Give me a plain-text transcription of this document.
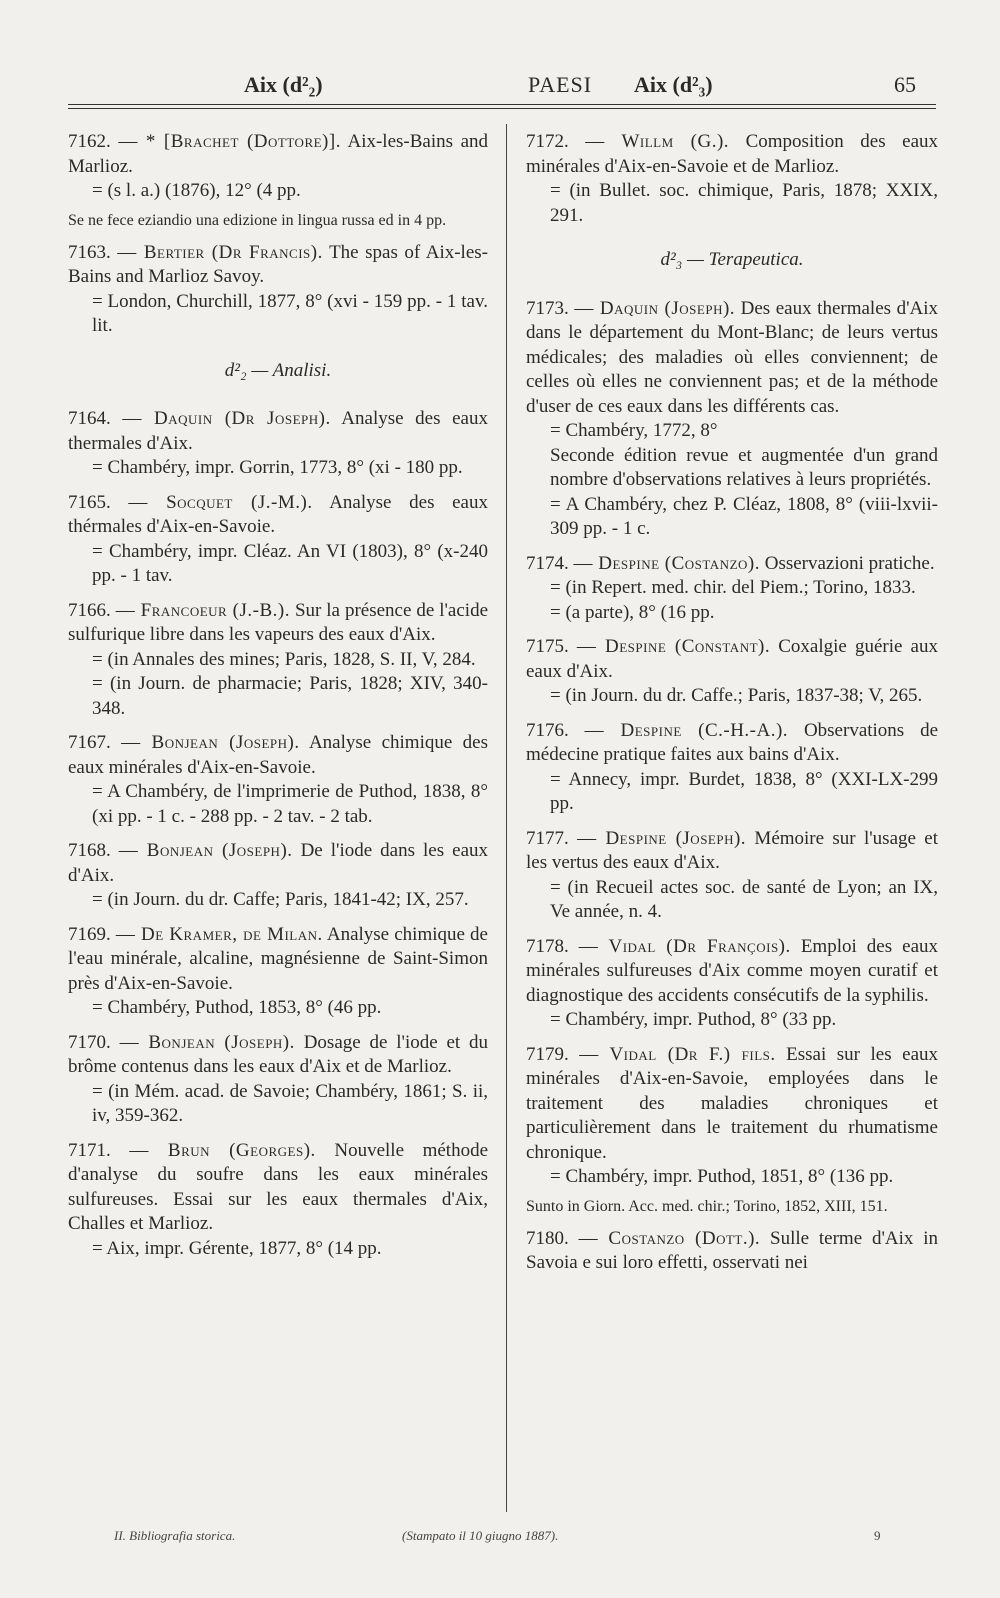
Aix (d²₂)	PAESI Aix (d²₃)	65

7162. — * [Brachet (Dottore)]. Aix-les-Bains and Marlioz.

= (s l. a.) (1876), 12° (4 pp.

Se ne fece eziandio una edizione in lingua russa ed in 4 pp.

7163. — Bertier (Dr Francis). The spas of Aix-les-Bains and Marlioz Savoy.

= London, Churchill, 1877, 8° (xvi - 159 pp. - 1 tav. lit.

d²₂ — Analisi.

7164. — Daquin (Dr Joseph). Analyse des eaux thermales d'Aix.

= Chambéry, impr. Gorrin, 1773, 8° (xi - 180 pp.

7165. — Socquet (J.-M.). Analyse des eaux thérmales d'Aix-en-Savoie.

= Chambéry, impr. Cléaz. An VI (1803), 8° (x-240 pp. - 1 tav.

7166. — Francoeur (J.-B.). Sur la présence de l'acide sulfurique libre dans les vapeurs des eaux d'Aix.

= (in Annales des mines; Paris, 1828, S. II, V, 284.

= (in Journ. de pharmacie; Paris, 1828; XIV, 340-348.

7167. — Bonjean (Joseph). Analyse chimique des eaux minérales d'Aix-en-Savoie.

= A Chambéry, de l'imprimerie de Puthod, 1838, 8° (xi pp. - 1 c. - 288 pp. - 2 tav. - 2 tab.

7168. — Bonjean (Joseph). De l'iode dans les eaux d'Aix.

= (in Journ. du dr. Caffe; Paris, 1841-42; IX, 257.

7169. — De Kramer, de Milan. Analyse chimique de l'eau minérale, alcaline, magnésienne de Saint-Simon près d'Aix-en-Savoie.

= Chambéry, Puthod, 1853, 8° (46 pp.

7170. — Bonjean (Joseph). Dosage de l'iode et du brôme contenus dans les eaux d'Aix et de Marlioz.

= (in Mém. acad. de Savoie; Chambéry, 1861; S. ii, iv, 359-362.

7171. — Brun (Georges). Nouvelle méthode d'analyse du soufre dans les eaux minérales sulfureuses. Essai sur les eaux thermales d'Aix, Challes et Marlioz.

= Aix, impr. Gérente, 1877, 8° (14 pp.

7172. — Willm (G.). Composition des eaux minérales d'Aix-en-Savoie et de Marlioz.

= (in Bullet. soc. chimique, Paris, 1878; XXIX, 291.

d²₃ — Terapeutica.

7173. — Daquin (Joseph). Des eaux thermales d'Aix dans le département du Mont-Blanc; de leurs vertus médicales; des maladies où elles conviennent; de celles où elles ne conviennent pas; et de la méthode d'user de ces eaux dans les différents cas.

= Chambéry, 1772, 8°

Seconde édition revue et augmentée d'un grand nombre d'observations relatives à leurs propriétés.

= A Chambéry, chez P. Cléaz, 1808, 8° (viii-lxvii-309 pp. - 1 c.

7174. — Despine (Costanzo). Osservazioni pratiche.

= (in Repert. med. chir. del Piem.; Torino, 1833.

= (a parte), 8° (16 pp.

7175. — Despine (Constant). Coxalgie guérie aux eaux d'Aix.

= (in Journ. du dr. Caffe.; Paris, 1837-38; V, 265.

7176. — Despine (C.-H.-A.). Observations de médecine pratique faites aux bains d'Aix.

= Annecy, impr. Burdet, 1838, 8° (XXI-LX-299 pp.

7177. — Despine (Joseph). Mémoire sur l'usage et les vertus des eaux d'Aix.

= (in Recueil actes soc. de santé de Lyon; an IX, Ve année, n. 4.

7178. — Vidal (Dr François). Emploi des eaux minérales sulfureuses d'Aix comme moyen curatif et diagnostique des accidents consécutifs de la syphilis.

= Chambéry, impr. Puthod, 8° (33 pp.

7179. — Vidal (Dr F.) fils. Essai sur les eaux minérales d'Aix-en-Savoie, employées dans le traitement des maladies chroniques et particulièrement dans le traitement du rhumatisme chronique.

= Chambéry, impr. Puthod, 1851, 8° (136 pp.

Sunto in Giorn. Acc. med. chir.; Torino, 1852, XIII, 151.

7180. — Costanzo (Dott.). Sulle terme d'Aix in Savoia e sui loro effetti, osservati nei

II. Bibliografia storica.	(Stampato il 10 giugno 1887).	9
